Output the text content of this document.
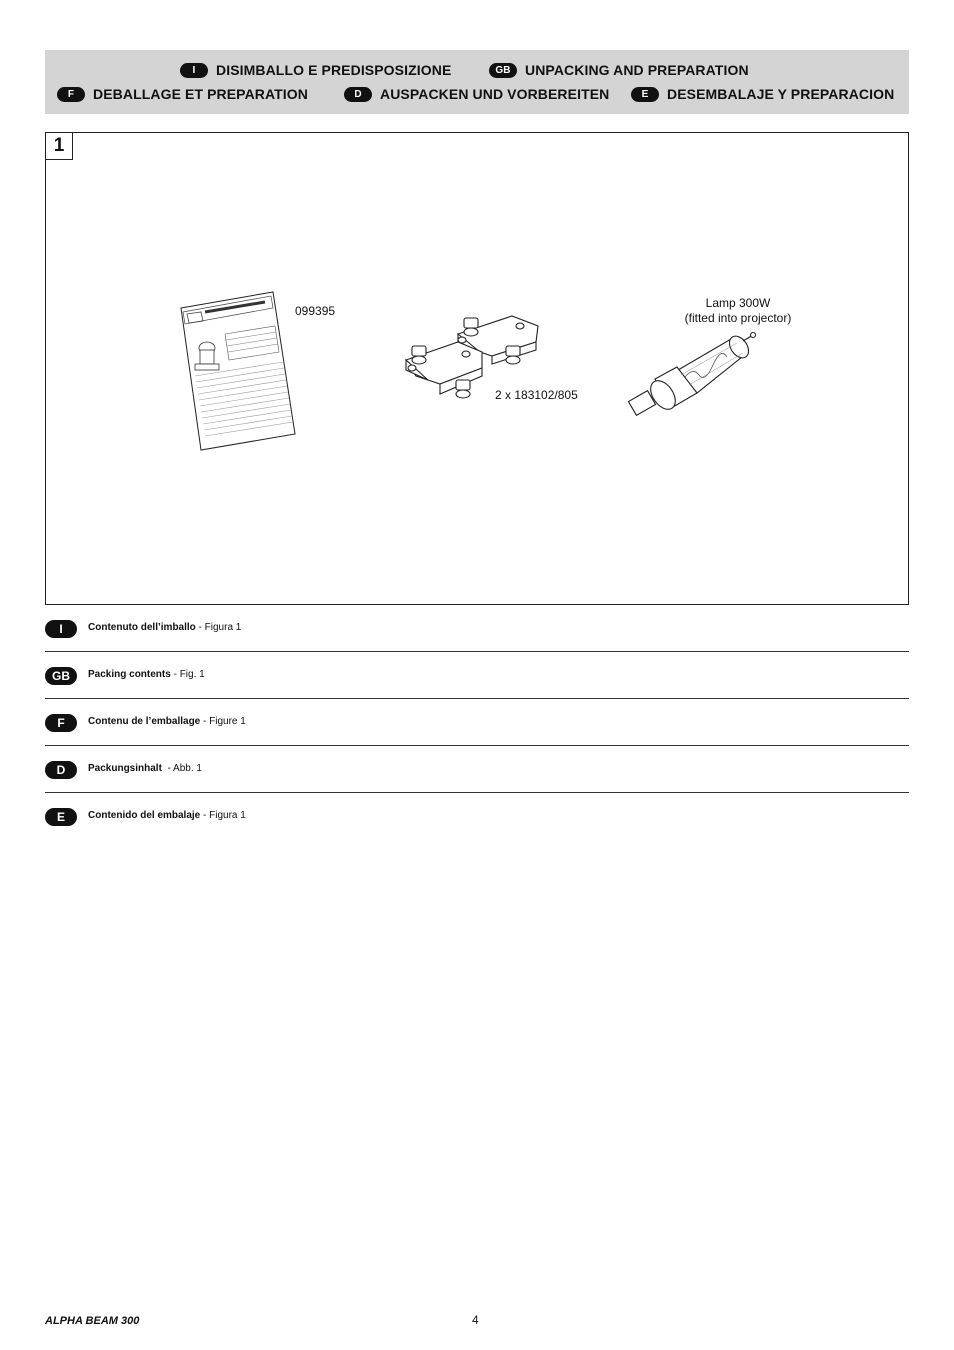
I	DISIMBALLO E PREDISPOSIZIONE	GB	UNPACKING AND PREPARATION
F	DEBALLAGE ET PREPARATION	D	AUSPACKEN UND VORBEREITEN	E	DESEMBALAJE Y PREPARACION
1
099395
2 x 183102/805
Lamp 300W
(fitted into projector)
I	Contenuto dell’imballo - Figura 1
GB	Packing contents - Fig. 1
F	Contenu de l’emballage - Figure 1
D	Packungsinhalt  - Abb. 1
E	Contenido del embalaje - Figura 1
ALPHA BEAM 300	4
